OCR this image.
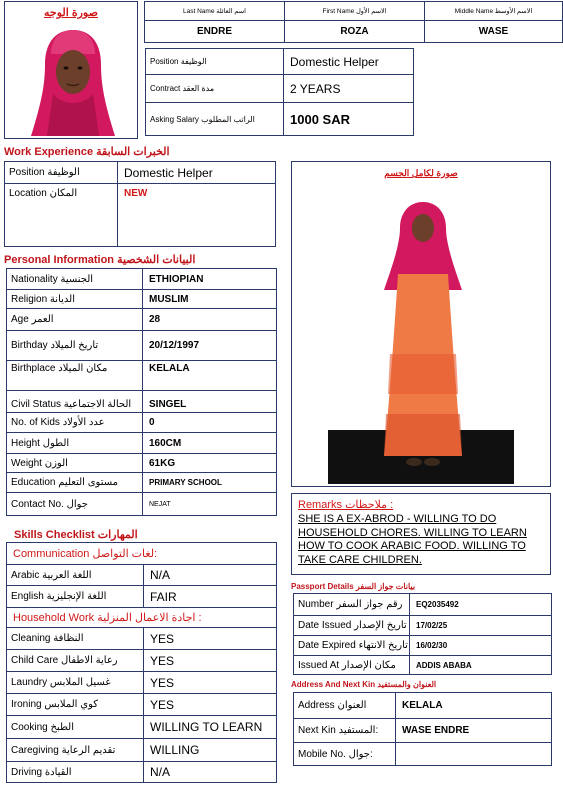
صورة الوجه	Last Name اسم العائلة	First Name الاسم الأول	Middle Name الاسم الأوسط
ENDRE	ROZA	WASE
Position الوظيفة	Domestic Helper
Contract مدة العقد	2 YEARS
Asking Salary الراتب المطلوب	1000 SAR
Work Experience الخبرات السابقة
Position الوظيفة	Domestic Helper
Location المكان	NEW
Personal Information البيانات الشخصية
Nationality الجنسية	ETHIOPIAN
Religion الديانة	MUSLIM
Age العمر	28
Birthday تاريخ الميلاد	20/12/1997
Birthplace مكان الميلاد	KELALA
Civil Status الحالة الاجتماعية	SINGEL
No. of Kids عدد الأولاد	0
Height الطول	160CM
Weight الوزن	61KG
Education مستوى التعليم	PRIMARY SCHOOL
Contact No. جوال	NEJAT
صورة لكامل الجسم
Remarks ملاحظات :
SHE IS A EX-ABROD - WILLING TO DO HOUSEHOLD CHORES. WILLING TO LEARN HOW TO COOK ARABIC FOOD. WILLING TO TAKE CARE CHILDREN.
Skills Checklist المهارات
Communication لغات التواصل:	
Arabic اللغة العربية	N/A
English اللغة الإنجليزية	FAIR
Household Work اجادة الاعمال المنزلية :	
Cleaning النظافة	YES
Child Care رعاية الاطفال	YES
Laundry غسيل الملابس	YES
Ironing كوي الملابس	YES
Cooking الطبخ	WILLING TO LEARN
Caregiving تقديم الرعاية	WILLING
Driving القيادة	N/A
Passport Details بيانات جواز السفر
Number رقم جواز السفر	EQ2035492
Date Issued تاريخ الإصدار	17/02/25
Date Expired تاريخ الانتهاء	16/02/30
Issued At مكان الإصدار	ADDIS ABABA
Address And Next Kin العنوان والمستفيد
Address العنوان	KELALA
Next Kin المستفيد:	WASE ENDRE
Mobile No. جوال:	
